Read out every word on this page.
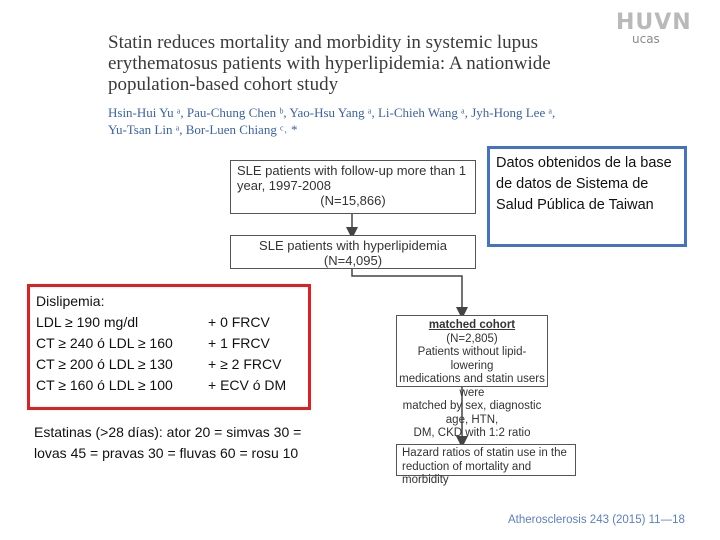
Statin reduces mortality and morbidity in systemic lupus
erythematosus patients with hyperlipidemia: A nationwide
population-based cohort study
Hsin-Hui Yu ᵃ, Pau-Chung Chen ᵇ, Yao-Hsu Yang ᵃ, Li-Chieh Wang ᵃ, Jyh-Hong Lee ᵃ,
Yu-Tsan Lin ᵃ, Bor-Luen Chiang ᶜ˒ *
HUVN
ucas
SLE patients with follow-up more than 1
year, 1997-2008

(N=15,866)
SLE patients with hyperlipidemia
(N=4,095)
matched cohort
(N=2,805)
Patients without lipid-lowering
medications and statin users were
matched by sex, diagnostic age, HTN,
DM, CKD with 1:2 ratio
Hazard ratios of statin use in the
reduction of mortality and morbidity
Datos obtenidos de la base de datos de Sistema de Salud Pública de Taiwan
Dislipemia:
LDL ≥ 190 mg/dl
CT ≥ 240 ó LDL ≥ 160
CT ≥ 200 ó LDL ≥ 130
CT ≥ 160 ó LDL ≥ 100
+ 0 FRCV
+ 1 FRCV
+ ≥ 2 FRCV
+ ECV ó DM
Estatinas (>28 días): ator 20 = simvas 30 = lovas 45 = pravas 30 = fluvas 60 = rosu 10
Atherosclerosis 243 (2015) 11—18
